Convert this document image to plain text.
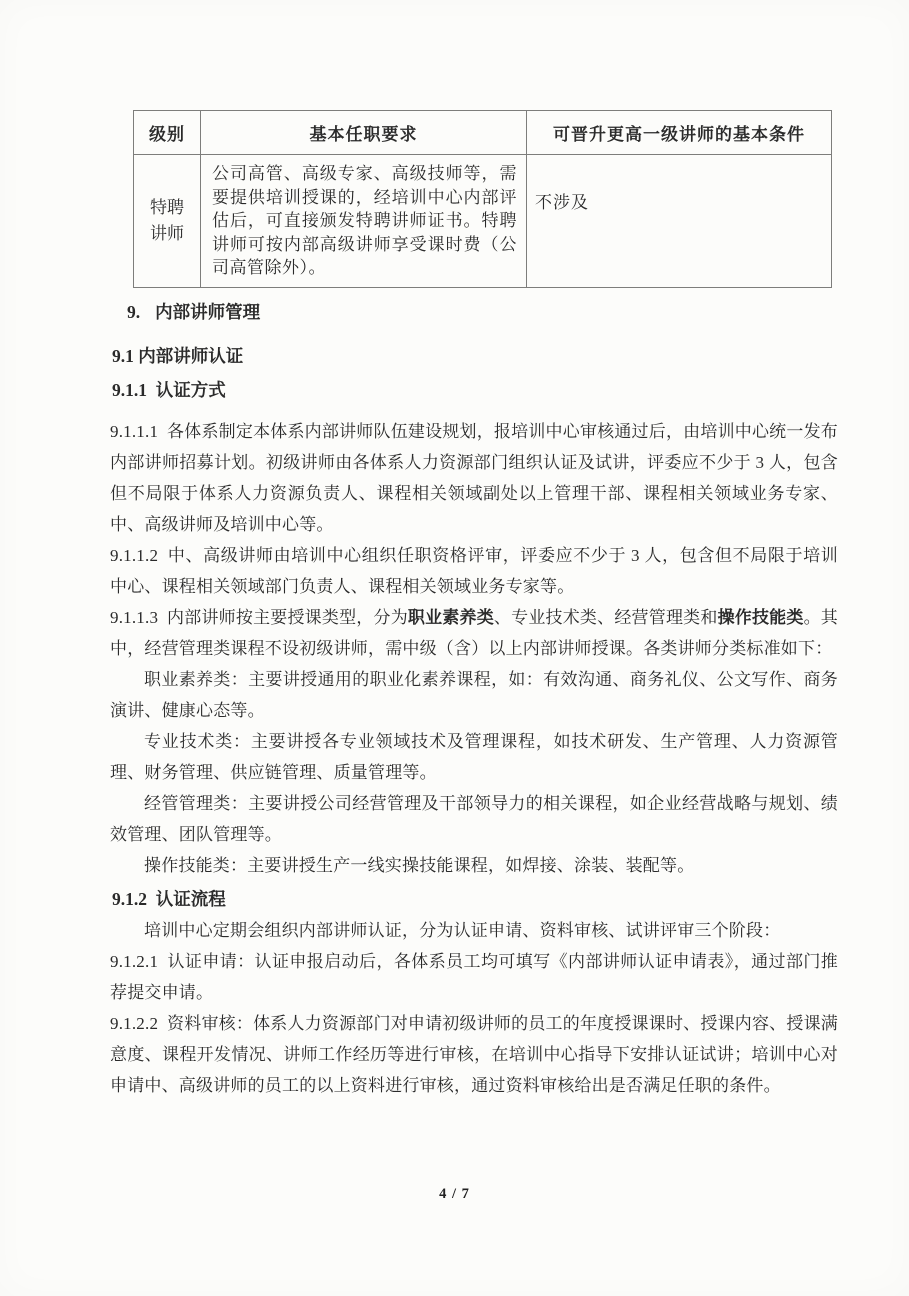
级别	基本任职要求	可晋升更高一级讲师的基本条件
特聘讲师	公司高管、高级专家、高级技师等，需要提供培训授课的，经培训中心内部评估后，可直接颁发特聘讲师证书。特聘讲师可按内部高级讲师享受课时费（公司高管除外）。	不涉及
9. 内部讲师管理
9.1 内部讲师认证
9.1.1  认证方式

9.1.1.1  各体系制定本体系内部讲师队伍建设规划，报培训中心审核通过后，由培训中心统一发布内部讲师招募计划。初级讲师由各体系人力资源部门组织认证及试讲，评委应不少于 3 人，包含但不局限于体系人力资源负责人、课程相关领域副处以上管理干部、课程相关领域业务专家、中、高级讲师及培训中心等。

9.1.1.2  中、高级讲师由培训中心组织任职资格评审，评委应不少于 3 人，包含但不局限于培训中心、课程相关领域部门负责人、课程相关领域业务专家等。

9.1.1.3  内部讲师按主要授课类型，分为职业素养类、专业技术类、经营管理类和操作技能类。其中，经营管理类课程不设初级讲师，需中级（含）以上内部讲师授课。各类讲师分类标准如下：

职业素养类：主要讲授通用的职业化素养课程，如：有效沟通、商务礼仪、公文写作、商务演讲、健康心态等。

专业技术类：主要讲授各专业领域技术及管理课程，如技术研发、生产管理、人力资源管理、财务管理、供应链管理、质量管理等。

经管管理类：主要讲授公司经营管理及干部领导力的相关课程，如企业经营战略与规划、绩效管理、团队管理等。

操作技能类：主要讲授生产一线实操技能课程，如焊接、涂装、装配等。

9.1.2  认证流程

培训中心定期会组织内部讲师认证，分为认证申请、资料审核、试讲评审三个阶段：

9.1.2.1  认证申请：认证申报启动后，各体系员工均可填写《内部讲师认证申请表》，通过部门推荐提交申请。

9.1.2.2  资料审核：体系人力资源部门对申请初级讲师的员工的年度授课课时、授课内容、授课满意度、课程开发情况、讲师工作经历等进行审核，在培训中心指导下安排认证试讲；培训中心对申请中、高级讲师的员工的以上资料进行审核，通过资料审核给出是否满足任职的条件。

4 / 7
